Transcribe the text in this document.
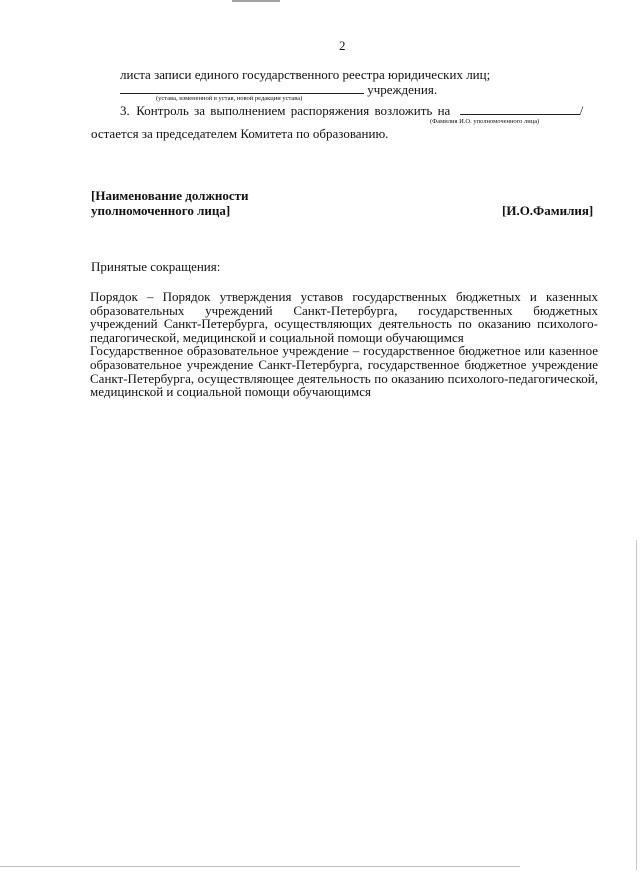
2
листа записи единого государственного реестра юридических лиц;
учреждения.
(устава, измененной в устав, новой редакции устава)
3. Контроль за выполнением распоряжения возложить на	/
(Фамилия И.О. уполномоченного лица)
остается за председателем Комитета по образованию.
[Наименование должности
уполномоченного лица]	[И.О.Фамилия]
Принятые сокращения:

Порядок – Порядок утверждения уставов государственных бюджетных и казенных образовательных учреждений Санкт-Петербурга, государственных бюджетных учреждений Санкт-Петербурга, осуществляющих деятельность по оказанию психолого-педагогической, медицинской и социальной помощи обучающимся

Государственное образовательное учреждение – государственное бюджетное или казенное образовательное учреждение Санкт-Петербурга, государственное бюджетное учреждение Санкт-Петербурга, осуществляющее деятельность по оказанию психолого-педагогической, медицинской и социальной помощи обучающимся
